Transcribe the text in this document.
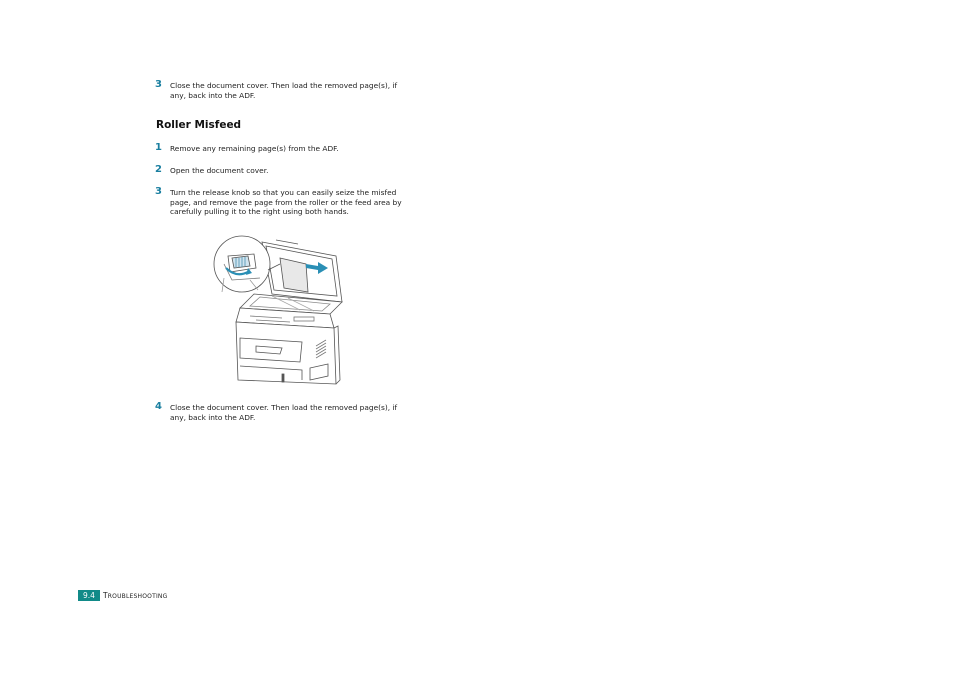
3 Close the document cover. Then load the removed page(s), if any, back into the ADF.
Roller Misfeed
1 Remove any remaining page(s) from the ADF.
2 Open the document cover.
3 Turn the release knob so that you can easily seize the misfed page, and remove the page from the roller or the feed area by carefully pulling it to the right using both hands.
4 Close the document cover. Then load the removed page(s), if any, back into the ADF.
9.4	TROUBLESHOOTING
